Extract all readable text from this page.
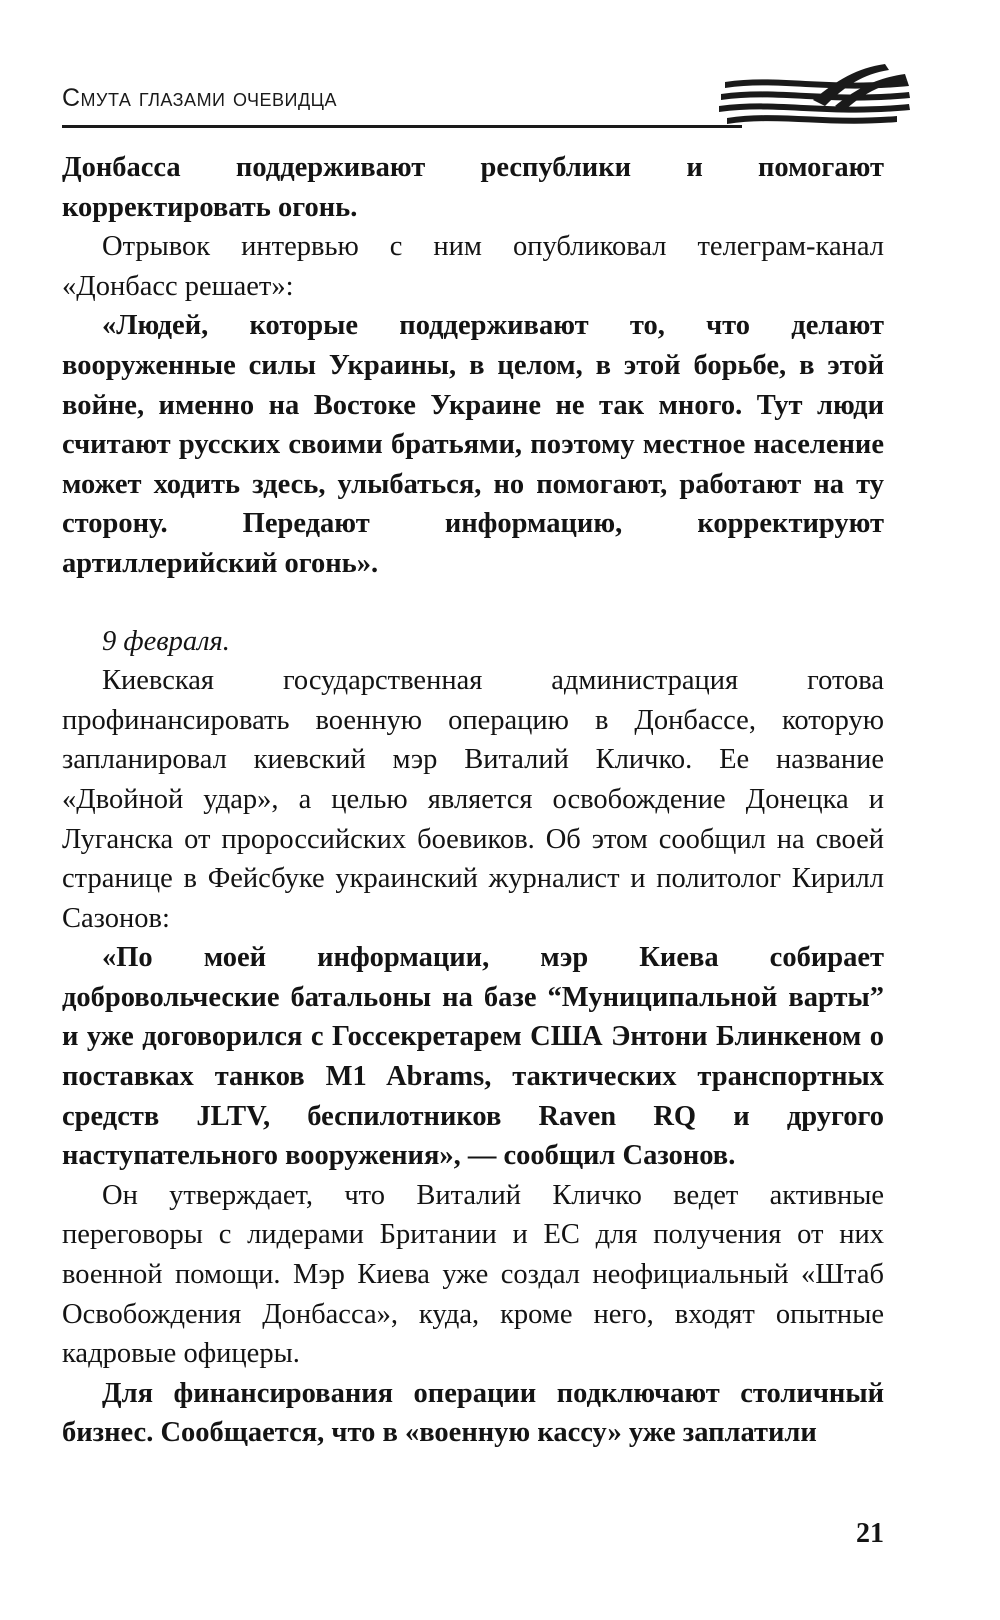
Смута глазами очевидца

Донбасса поддерживают республики и помогают корректировать огонь.

Отрывок интервью с ним опубликовал телеграм-канал «Донбасс решает»:

«Людей, которые поддерживают то, что делают вооруженные силы Украины, в целом, в этой борьбе, в этой войне, именно на Востоке Украине не так много. Тут люди считают русских своими братьями, поэтому местное население может ходить здесь, улыбаться, но помогают, работают на ту сторону. Передают информацию, корректируют артиллерийский огонь».

9 февраля.

Киевская государственная администрация готова профинансировать военную операцию в Донбассе, которую запланировал киевский мэр Виталий Кличко. Ее название «Двойной удар», а целью является освобождение Донецка и Луганска от пророссийских боевиков. Об этом сообщил на своей странице в Фейсбуке украинский журналист и политолог Кирилл Сазонов:

«По моей информации, мэр Киева собирает добровольческие батальоны на базе “Муниципальной варты” и уже договорился с Госсекретарем США Энтони Блинкеном о поставках танков M1 Abrams, тактических транспортных средств JLTV, беспилотников Raven RQ и другого наступательного вооружения», — сообщил Сазонов.

Он утверждает, что Виталий Кличко ведет активные переговоры с лидерами Британии и ЕС для получения от них военной помощи. Мэр Киева уже создал неофициальный «Штаб Освобождения Донбасса», куда, кроме него, входят опытные кадровые офицеры.

Для финансирования операции подключают столичный бизнес. Сообщается, что в «военную кассу» уже заплатили

21
